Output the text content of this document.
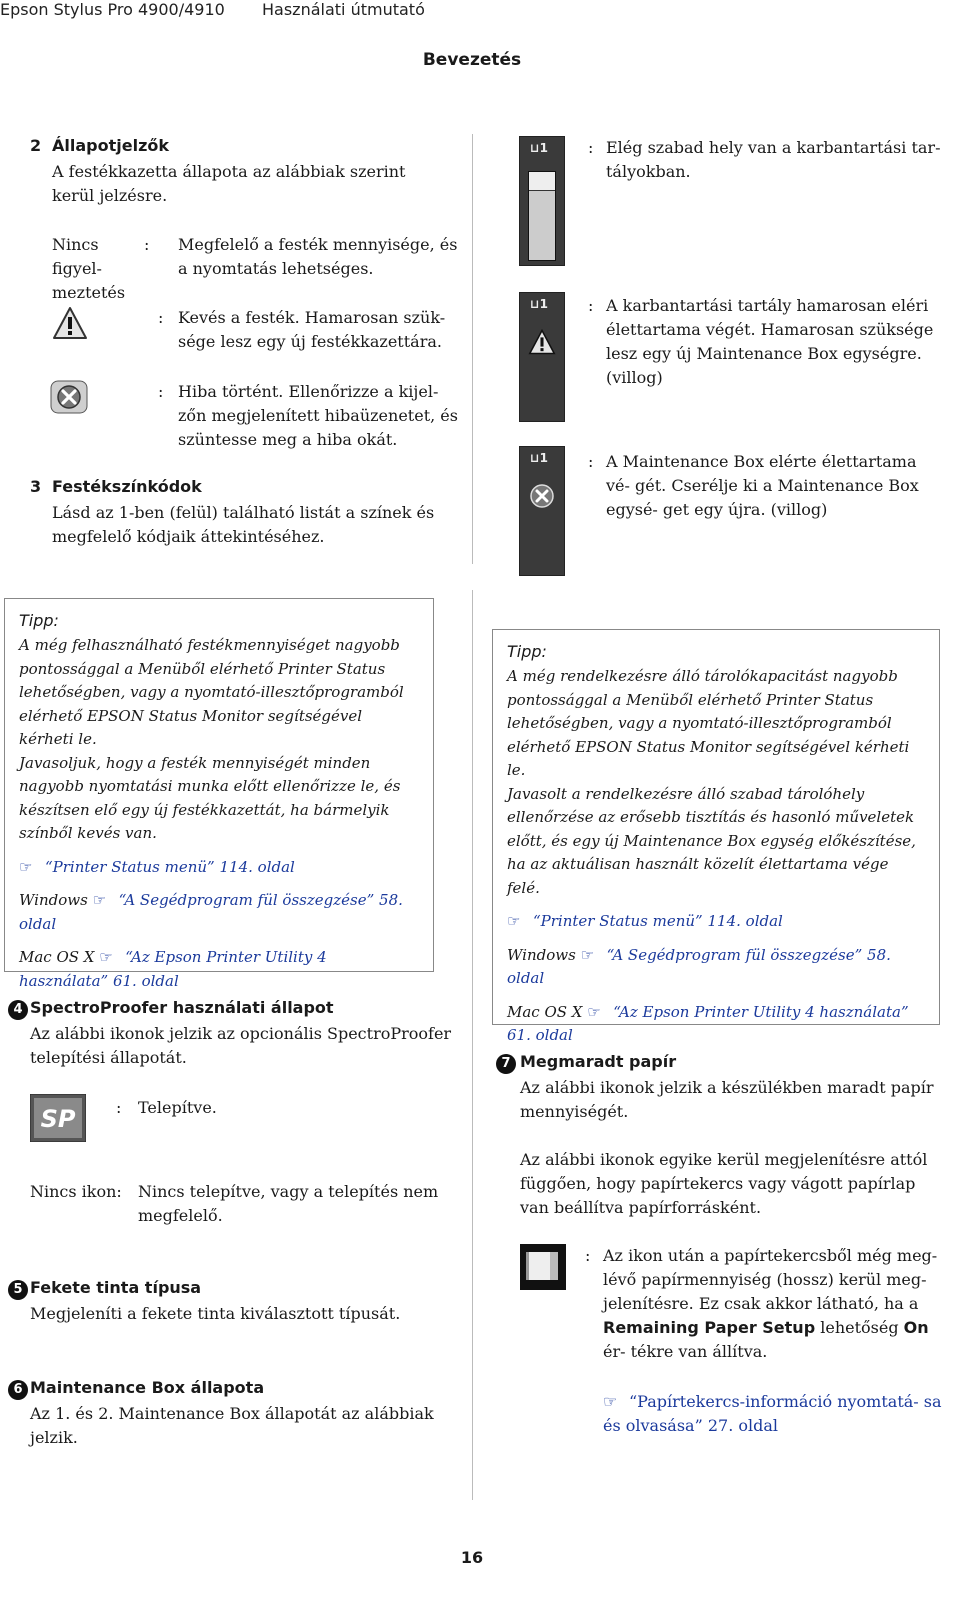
Epson Stylus Pro 4900/4910 Használati útmutató
Bevezetés
2 Állapotjelzők
A festékkazetta állapota az alábbiak szerint kerül jelzésre.
Nincs figyel- meztetés
: Megfelelő a festék mennyisége, és a nyomtatás lehetséges.
: Kevés a festék. Hamarosan szük- sége lesz egy új festékkazettára.
: Hiba történt. Ellenőrizze a kijel- zőn megjelenített hibaüzenetet, és szüntesse meg a hiba okát.
3 Festékszínkódok
Lásd az 1-ben (felül) található listát a színek és megfelelő kódjaik áttekintéséhez.
Tipp:
A még felhasználható festékmennyiséget nagyobb pontossággal a Menüből elérhető Printer Status lehetőségben, vagy a nyomtató-illesztőprogramból elérhető EPSON Status Monitor segítségével kérheti le.
Javasoljuk, hogy a festék mennyiségét minden nagyobb nyomtatási munka előtt ellenőrizze le, és készítsen elő egy új festékkazettát, ha bármelyik színből kevés van.
☞ “Printer Status menü” 114. oldal
Windows ☞ “A Segédprogram fül összegzése” 58. oldal
Mac OS X ☞ “Az Epson Printer Utility 4 használata” 61. oldal
4 SpectroProofer használati állapot
Az alábbi ikonok jelzik az opcionális SpectroProofer telepítési állapotát.
SP	: Telepítve.
Nincs ikon: Nincs telepítve, vagy a telepítés nem megfelelő.
5 Fekete tinta típusa
Megjeleníti a fekete tinta kiválasztott típusát.
6 Maintenance Box állapota
Az 1. és 2. Maintenance Box állapotát az alábbiak jelzik.
⊔1	: Elég szabad hely van a karbantartási tar- tályokban.
⊔1	: A karbantartási tartály hamarosan eléri élettartama végét. Hamarosan szüksége lesz egy új Maintenance Box egységre. (villog)
⊔1	: A Maintenance Box elérte élettartama vé- gét. Cserélje ki a Maintenance Box egysé- get egy újra. (villog)
Tipp:
A még rendelkezésre álló tárolókapacitást nagyobb pontossággal a Menüből elérhető Printer Status lehetőségben, vagy a nyomtató-illesztőprogramból elérhető EPSON Status Monitor segítségével kérheti le.
Javasolt a rendelkezésre álló szabad tárolóhely ellenőrzése az erősebb tisztítás és hasonló műveletek előtt, és egy új Maintenance Box egység előkészítése, ha az aktuálisan használt közelít élettartama vége felé.
☞ “Printer Status menü” 114. oldal
Windows ☞ “A Segédprogram fül összegzése” 58. oldal
Mac OS X ☞ “Az Epson Printer Utility 4 használata” 61. oldal
7 Megmaradt papír
Az alábbi ikonok jelzik a készülékben maradt papír mennyiségét.
Az alábbi ikonok egyike kerül megjelenítésre attól függően, hogy papírtekercs vagy vágott papírlap van beállítva papírforrásként.
: Az ikon után a papírtekercsből még meg- lévő papírmennyiség (hossz) kerül meg- jelenítésre. Ez csak akkor látható, ha a Remaining Paper Setup lehetőség On ér- tékre van állítva.
☞ “Papírtekercs-információ nyomtatá- sa és olvasása” 27. oldal
16
